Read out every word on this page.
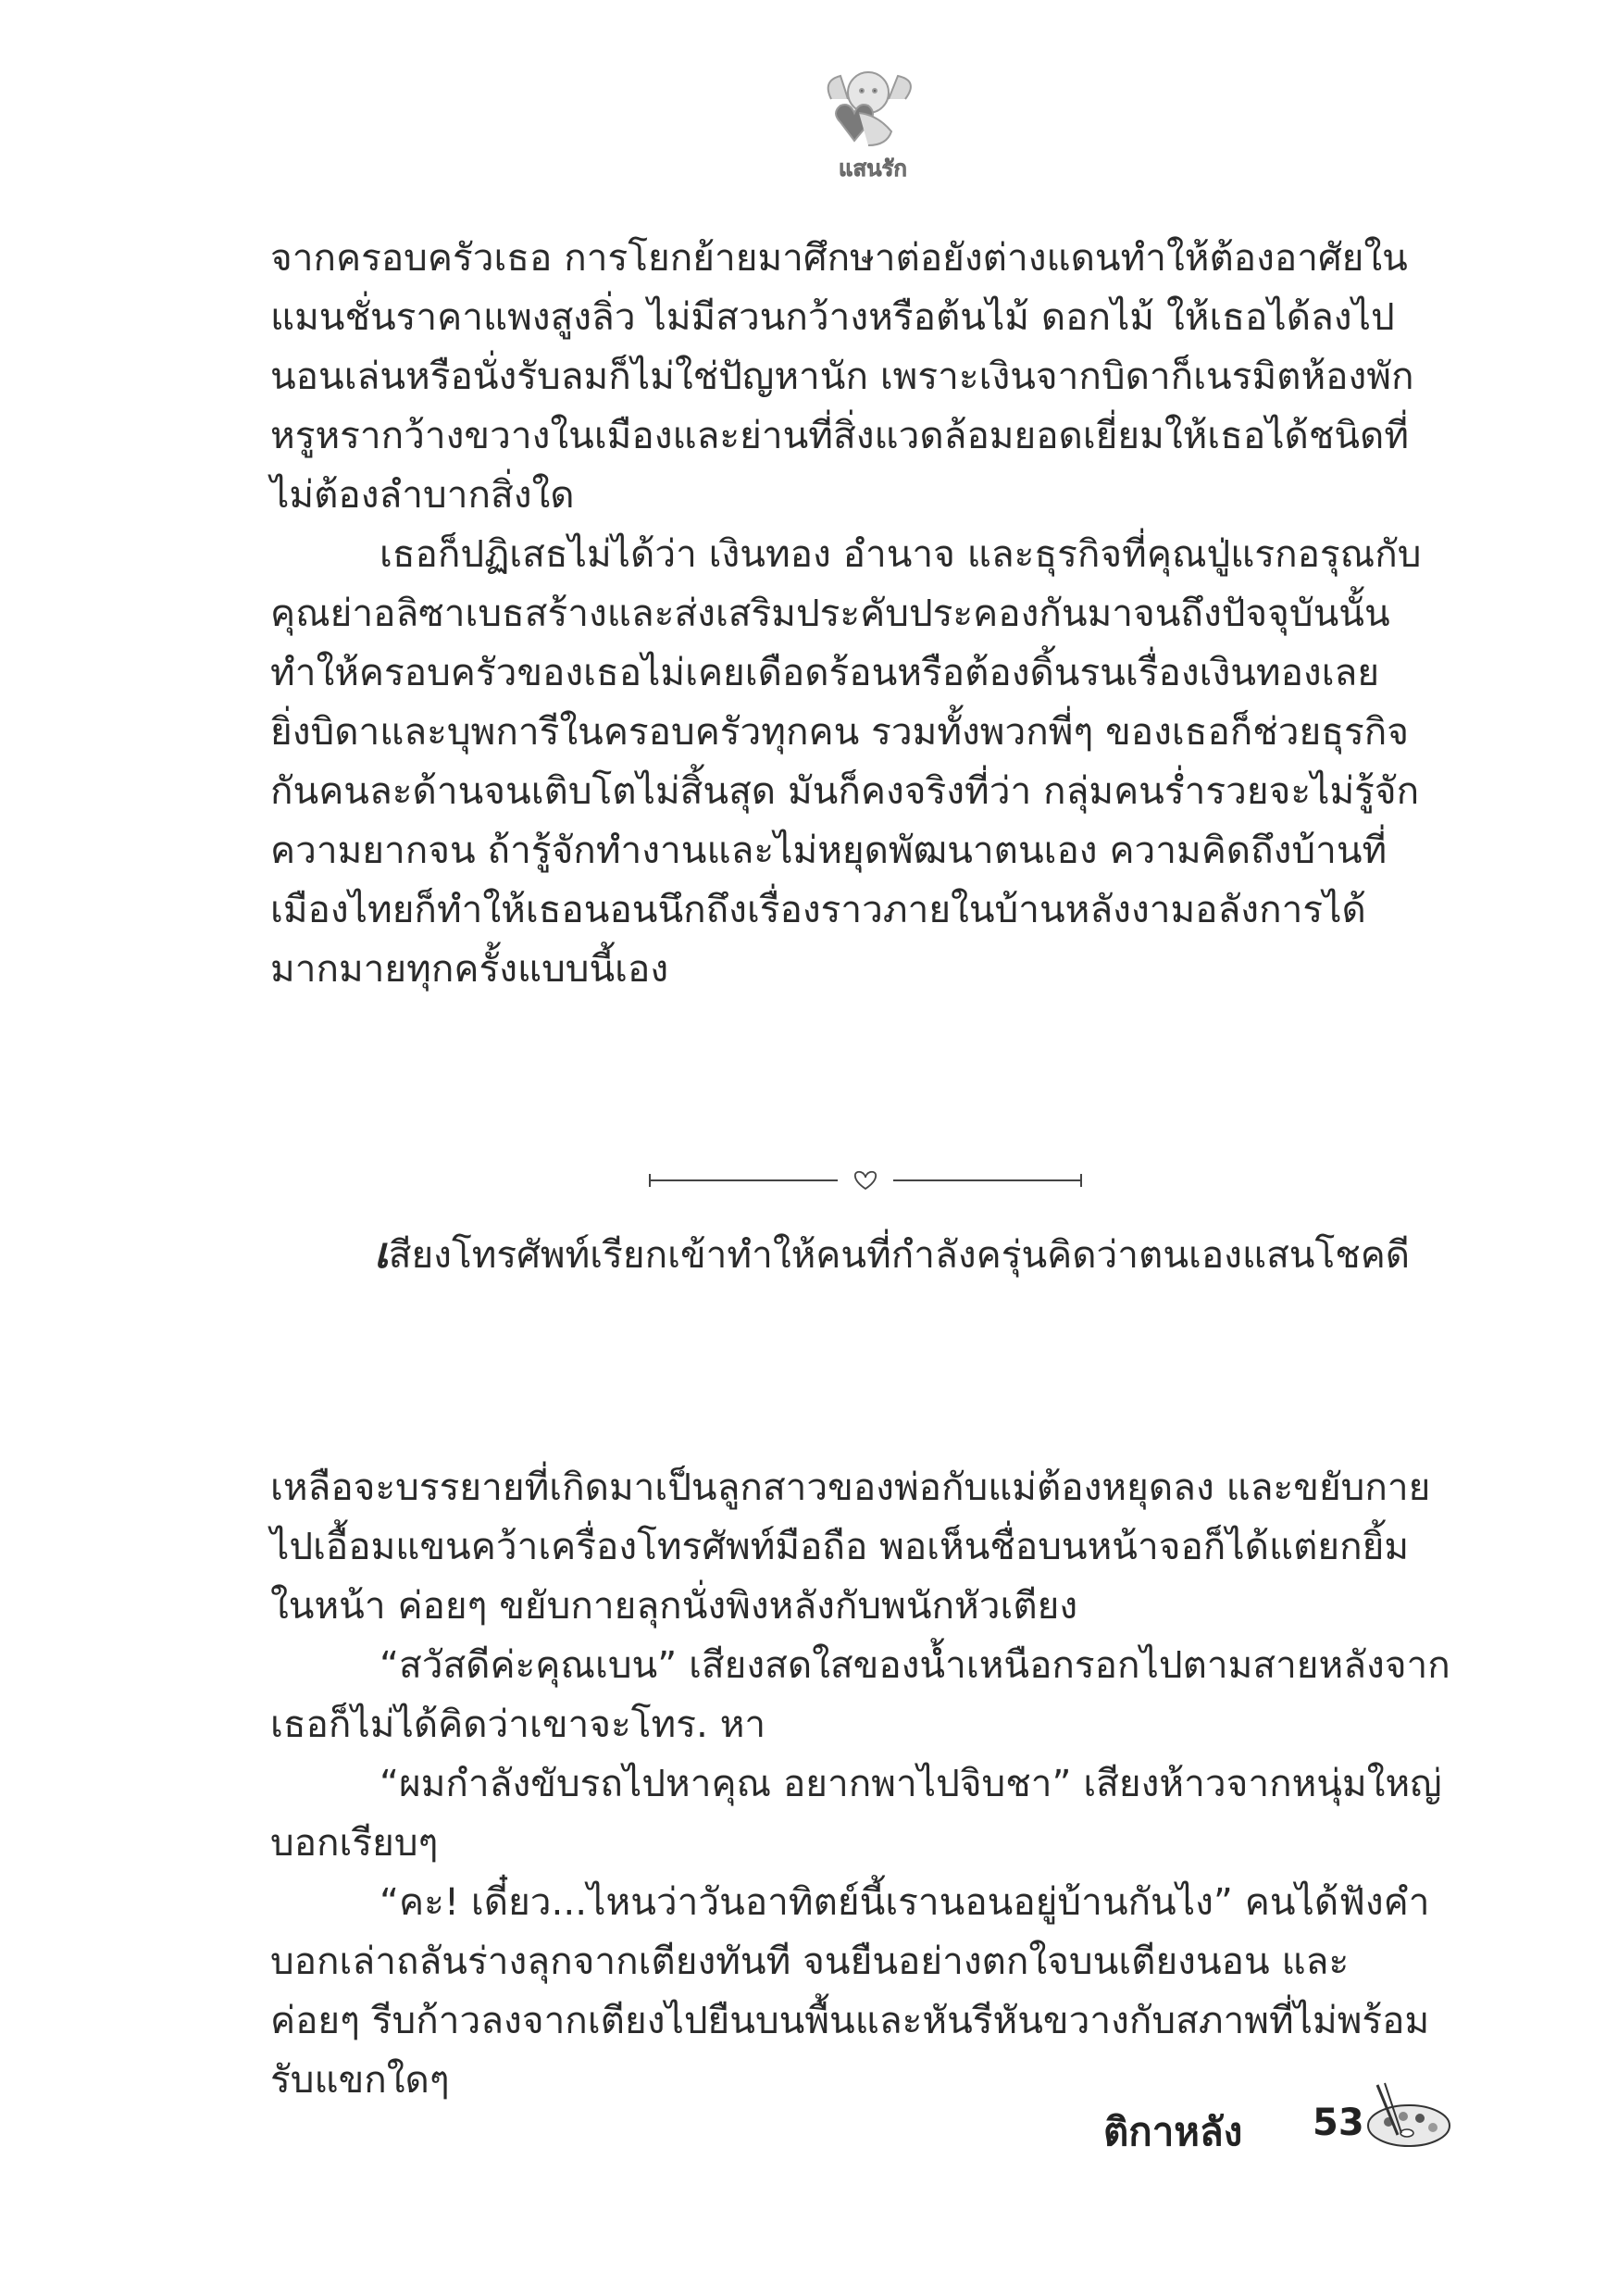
แสนรัก
จากครอบครัวเธอ การโยกย้ายมาศึกษาต่อยังต่างแดนทำให้ต้องอาศัยใน
แมนชั่นราคาแพงสูงลิ่ว ไม่มีสวนกว้างหรือต้นไม้ ดอกไม้ ให้เธอได้ลงไป
นอนเล่นหรือนั่งรับลมก็ไม่ใช่ปัญหานัก เพราะเงินจากบิดาก็เนรมิตห้องพัก
หรูหรากว้างขวางในเมืองและย่านที่สิ่งแวดล้อมยอดเยี่ยมให้เธอได้ชนิดที่
ไม่ต้องลำบากสิ่งใด
เธอก็ปฏิเสธไม่ได้ว่า เงินทอง อำนาจ และธุรกิจที่คุณปู่แรกอรุณกับ
คุณย่าอลิซาเบธสร้างและส่งเสริมประคับประคองกันมาจนถึงปัจจุบันนั้น
ทำให้ครอบครัวของเธอไม่เคยเดือดร้อนหรือต้องดิ้นรนเรื่องเงินทองเลย
ยิ่งบิดาและบุพการีในครอบครัวทุกคน รวมทั้งพวกพี่ๆ ของเธอก็ช่วยธุรกิจ
กันคนละด้านจนเติบโตไม่สิ้นสุด มันก็คงจริงที่ว่า กลุ่มคนร่ำรวยจะไม่รู้จัก
ความยากจน ถ้ารู้จักทำงานและไม่หยุดพัฒนาตนเอง ความคิดถึงบ้านที่
เมืองไทยก็ทำให้เธอนอนนึกถึงเรื่องราวภายในบ้านหลังงามอลังการได้
มากมายทุกครั้งแบบนี้เอง
เสียงโทรศัพท์เรียกเข้าทำให้คนที่กำลังครุ่นคิดว่าตนเองแสนโชคดี
เหลือจะบรรยายที่เกิดมาเป็นลูกสาวของพ่อกับแม่ต้องหยุดลง และขยับกาย
ไปเอื้อมแขนคว้าเครื่องโทรศัพท์มือถือ พอเห็นชื่อบนหน้าจอก็ได้แต่ยกยิ้ม
ในหน้า ค่อยๆ ขยับกายลุกนั่งพิงหลังกับพนักหัวเตียง
“สวัสดีค่ะคุณเบน” เสียงสดใสของน้ำเหนือกรอกไปตามสายหลังจาก
เธอก็ไม่ได้คิดว่าเขาจะโทร. หา
“ผมกำลังขับรถไปหาคุณ อยากพาไปจิบชา” เสียงห้าวจากหนุ่มใหญ่
บอกเรียบๆ
“คะ! เดี๋ยว...ไหนว่าวันอาทิตย์นี้เรานอนอยู่บ้านกันไง” คนได้ฟังคำ
บอกเล่าถลันร่างลุกจากเตียงทันที จนยืนอย่างตกใจบนเตียงนอน และ
ค่อยๆ รีบก้าวลงจากเตียงไปยืนบนพื้นและหันรีหันขวางกับสภาพที่ไม่พร้อม
รับแขกใดๆ
ติกาหลัง 53
